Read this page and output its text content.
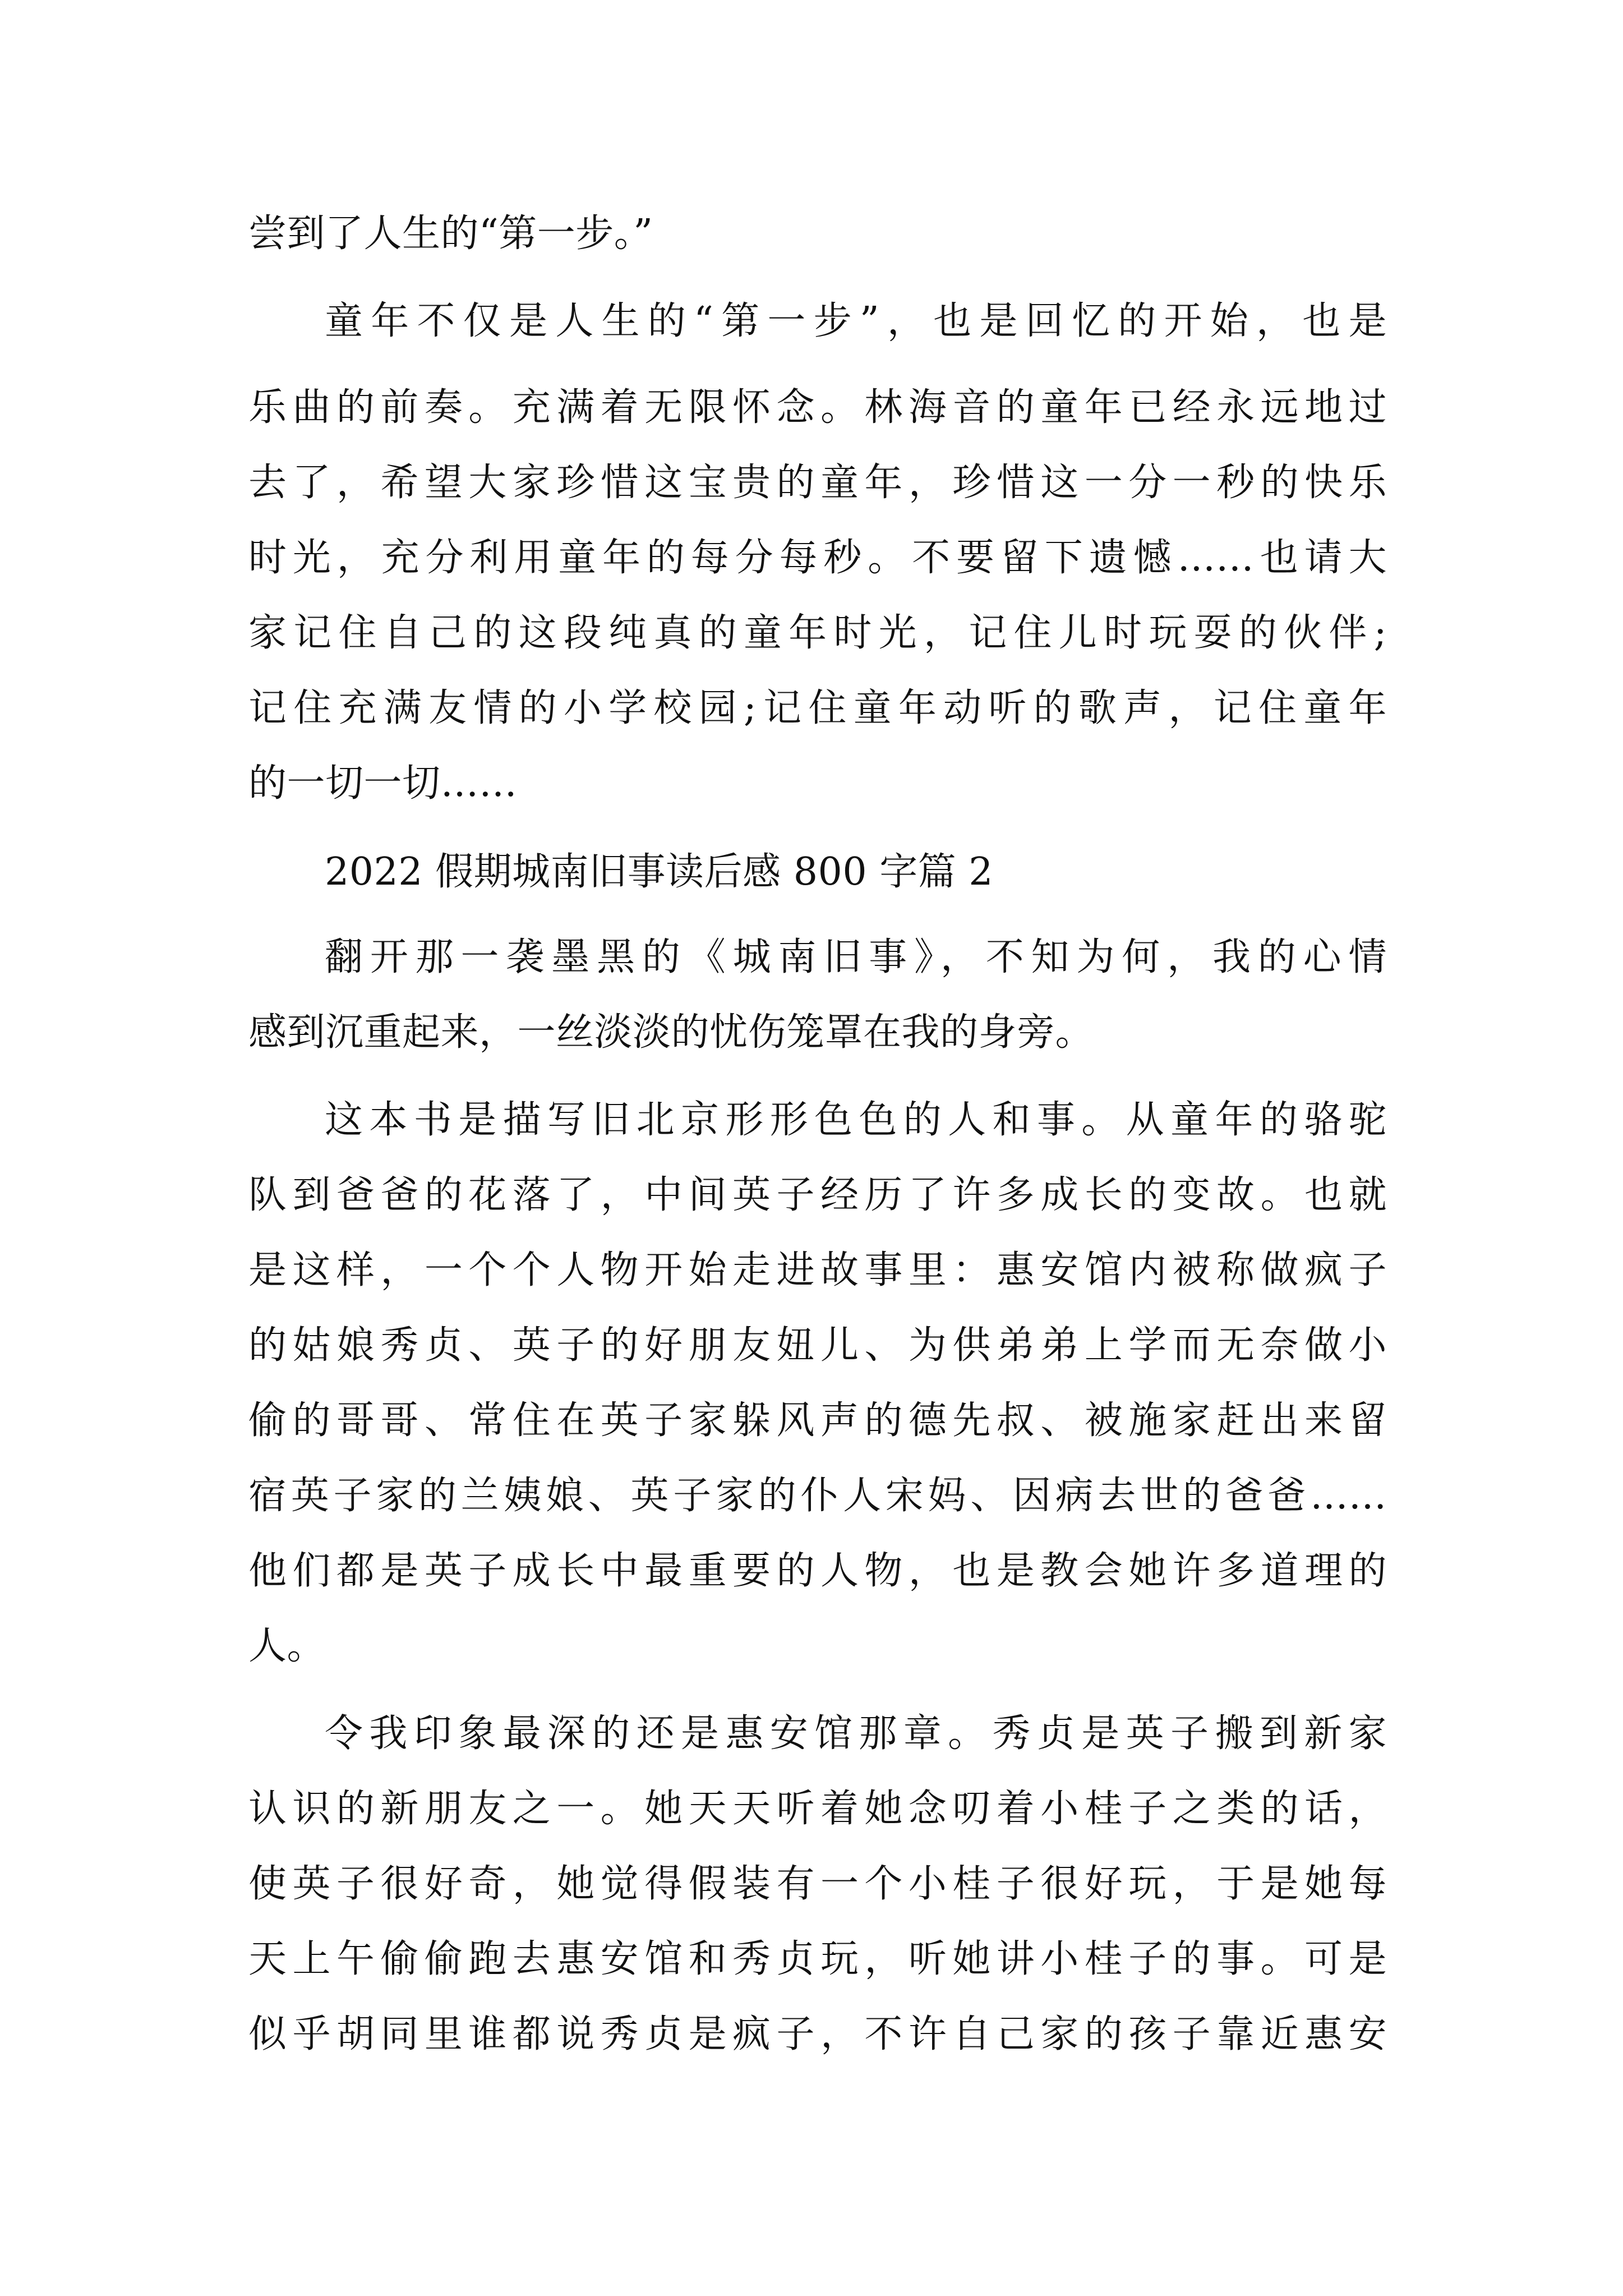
尝到了人生的“第一步。”
童年不仅是人生的“第一步”，也是回忆的开始，也是
乐曲的前奏。充满着无限怀念。林海音的童年已经永远地过
去了，希望大家珍惜这宝贵的童年，珍惜这一分一秒的快乐
时光，充分利用童年的每分每秒。不要留下遗憾……也请大
家记住自己的这段纯真的童年时光，记住儿时玩耍的伙伴;
记住充满友情的小学校园;记住童年动听的歌声，记住童年
的一切一切……
2022 假期城南旧事读后感 800 字篇 2
翻开那一袭墨黑的《城南旧事》，不知为何，我的心情
感到沉重起来，一丝淡淡的忧伤笼罩在我的身旁。
这本书是描写旧北京形形色色的人和事。从童年的骆驼
队到爸爸的花落了，中间英子经历了许多成长的变故。也就
是这样，一个个人物开始走进故事里：惠安馆内被称做疯子
的姑娘秀贞、英子的好朋友妞儿、为供弟弟上学而无奈做小
偷的哥哥、常住在英子家躲风声的德先叔、被施家赶出来留
宿英子家的兰姨娘、英子家的仆人宋妈、因病去世的爸爸……
他们都是英子成长中最重要的人物，也是教会她许多道理的
人。
令我印象最深的还是惠安馆那章。秀贞是英子搬到新家
认识的新朋友之一。她天天听着她念叨着小桂子之类的话，
使英子很好奇，她觉得假装有一个小桂子很好玩，于是她每
天上午偷偷跑去惠安馆和秀贞玩，听她讲小桂子的事。可是
似乎胡同里谁都说秀贞是疯子，不许自己家的孩子靠近惠安
